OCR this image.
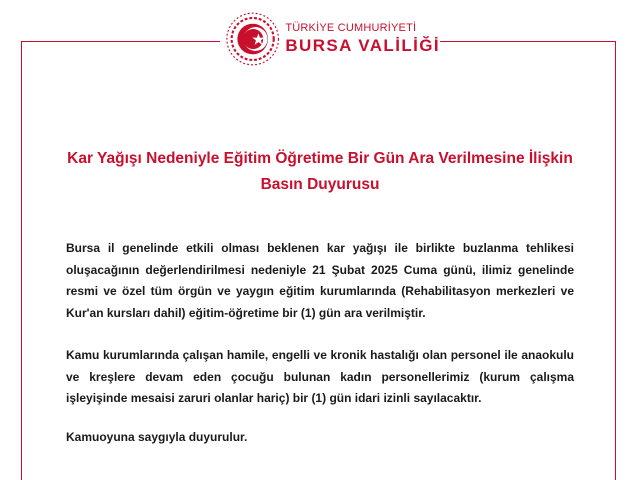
TÜRKİYE CUMHURİYETİ
BURSA VALİLİĞİ
Kar Yağışı Nedeniyle Eğitim Öğretime Bir Gün Ara Verilmesine İlişkin
Basın Duyurusu
Bursa il genelinde etkili olması beklenen kar yağışı ile birlikte buzlanma tehlikesi oluşacağının değerlendirilmesi nedeniyle 21 Şubat 2025 Cuma günü, ilimiz genelinde resmi ve özel tüm örgün ve yaygın eğitim kurumlarında (Rehabilitasyon merkezleri ve Kur'an kursları dahil) eğitim-öğretime bir (1) gün ara verilmiştir.
Kamu kurumlarında çalışan hamile, engelli ve kronik hastalığı olan personel ile anaokulu ve kreşlere devam eden çocuğu bulunan kadın personellerimiz (kurum çalışma işleyişinde mesaisi zaruri olanlar hariç) bir (1) gün idari izinli sayılacaktır.
Kamuoyuna saygıyla duyurulur.
